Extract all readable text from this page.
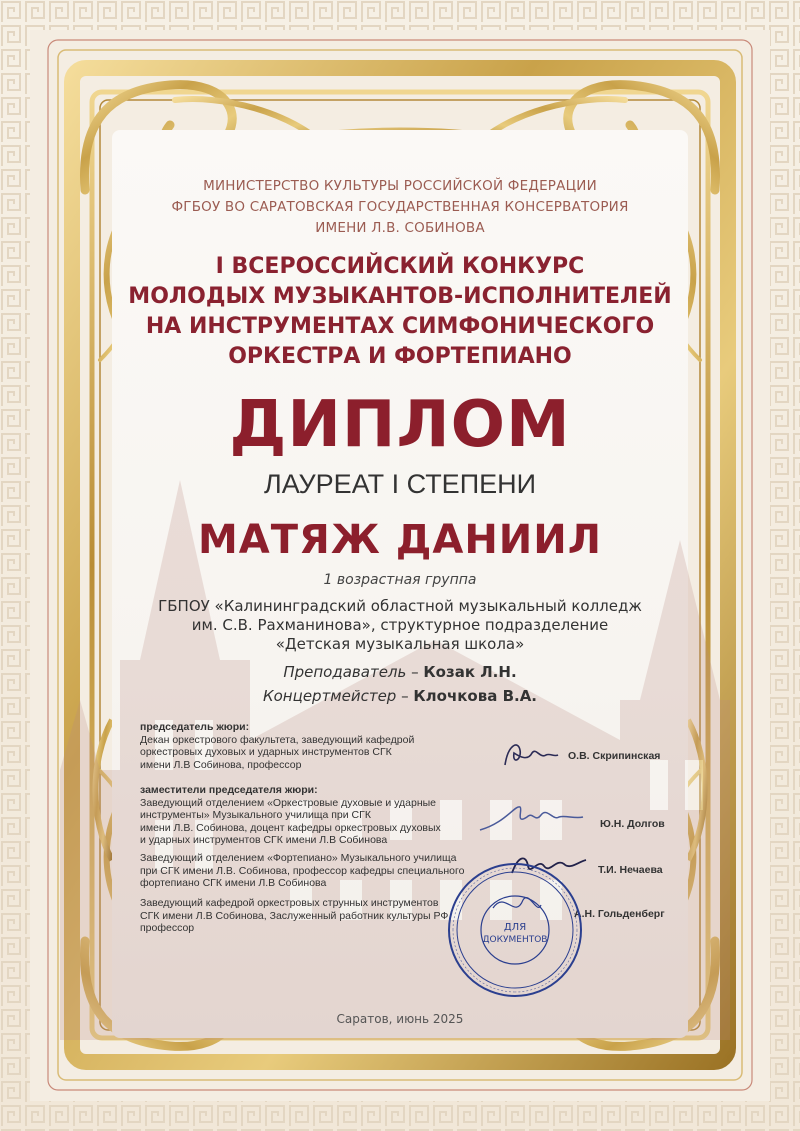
МИНИСТЕРСТВО КУЛЬТУРЫ РОССИЙСКОЙ ФЕДЕРАЦИИ
ФГБОУ ВО САРАТОВСКАЯ ГОСУДАРСТВЕННАЯ КОНСЕРВАТОРИЯ
ИМЕНИ Л.В. СОБИНОВА
I ВСЕРОССИЙСКИЙ КОНКУРС
МОЛОДЫХ МУЗЫКАНТОВ-ИСПОЛНИТЕЛЕЙ
НА ИНСТРУМЕНТАХ СИМФОНИЧЕСКОГО
ОРКЕСТРА И ФОРТЕПИАНО
ДИПЛОМ
ЛАУРЕАТ I СТЕПЕНИ
МАТЯЖ ДАНИИЛ
1 возрастная группа
ГБПОУ «Калининградский областной музыкальный колледж
им. С.В. Рахманинова», структурное подразделение
«Детская музыкальная школа»
Преподаватель – Козак Л.Н.
Концертмейстер – Клочкова В.А.
председатель жюри:
Декан оркестрового факультета, заведующий кафедрой
оркестровых духовых и ударных инструментов СГК
имени Л.В Собинова, профессор
О.В. Скрипинская
заместители председателя жюри:
Заведующий отделением «Оркестровые духовые и ударные
инструменты» Музыкального училища при СГК
имени Л.В. Собинова, доцент кафедры оркестровых духовых
и ударных инструментов СГК имени Л.В Собинова
Ю.Н. Долгов
Заведующий отделением «Фортепиано» Музыкального училища
при СГК имени Л.В. Собинова, профессор кафедры специального
фортепиано СГК имени Л.В Собинова
Т.И. Нечаева
Заведующий кафедрой оркестровых струнных инструментов
СГК имени Л.В Собинова, Заслуженный работник культуры РФ,
профессор
А.Н. Гольденберг
ДЛЯ
ДОКУМЕНТОВ
Саратов, июнь 2025
